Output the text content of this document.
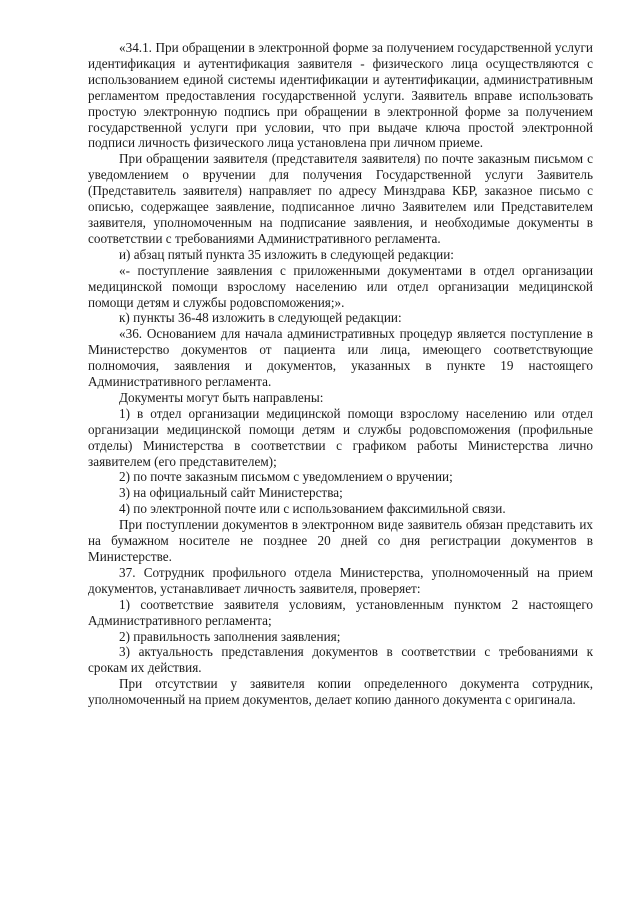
«34.1. При обращении в электронной форме за получением государственной услуги идентификация и аутентификация заявителя - физического лица осуществляются с использованием единой системы идентификации и аутентификации, административным регламентом предоставления государственной услуги. Заявитель вправе использовать простую электронную подпись при обращении в электронной форме за получением государственной услуги при условии, что при выдаче ключа простой электронной подписи личность физического лица установлена при личном приеме.

При обращении заявителя (представителя заявителя) по почте заказным письмом с уведомлением о вручении для получения Государственной услуги Заявитель (Представитель заявителя) направляет по адресу Минздрава КБР, заказное письмо с описью, содержащее заявление, подписанное лично Заявителем или Представителем заявителя, уполномоченным на подписание заявления, и необходимые документы в соответствии с требованиями Административного регламента.

и) абзац пятый пункта 35 изложить в следующей редакции:

«- поступление заявления с приложенными документами в отдел организации медицинской помощи взрослому населению или отдел организации медицинской помощи детям и службы родовспоможения;».

к) пункты 36-48 изложить в следующей редакции:

«36. Основанием для начала административных процедур является поступление в Министерство документов от пациента или лица, имеющего соответствующие полномочия, заявления и документов, указанных в пункте 19 настоящего Административного регламента.

Документы могут быть направлены:

1) в отдел организации медицинской помощи взрослому населению или отдел организации медицинской помощи детям и службы родовспоможения (профильные отделы) Министерства в соответствии с графиком работы Министерства лично заявителем (его представителем);

2) по почте заказным письмом с уведомлением о вручении;

3) на официальный сайт Министерства;

4) по электронной почте или с использованием факсимильной связи.

При поступлении документов в электронном виде заявитель обязан представить их на бумажном носителе не позднее 20 дней со дня регистрации документов в Министерстве.

37. Сотрудник профильного отдела Министерства, уполномоченный на прием документов, устанавливает личность заявителя, проверяет:

1) соответствие заявителя условиям, установленным пунктом 2 настоящего Административного регламента;

2) правильность заполнения заявления;

3) актуальность представления документов в соответствии с требованиями к срокам их действия.

При отсутствии у заявителя копии определенного документа сотрудник, уполномоченный на прием документов, делает копию данного документа с оригинала.
